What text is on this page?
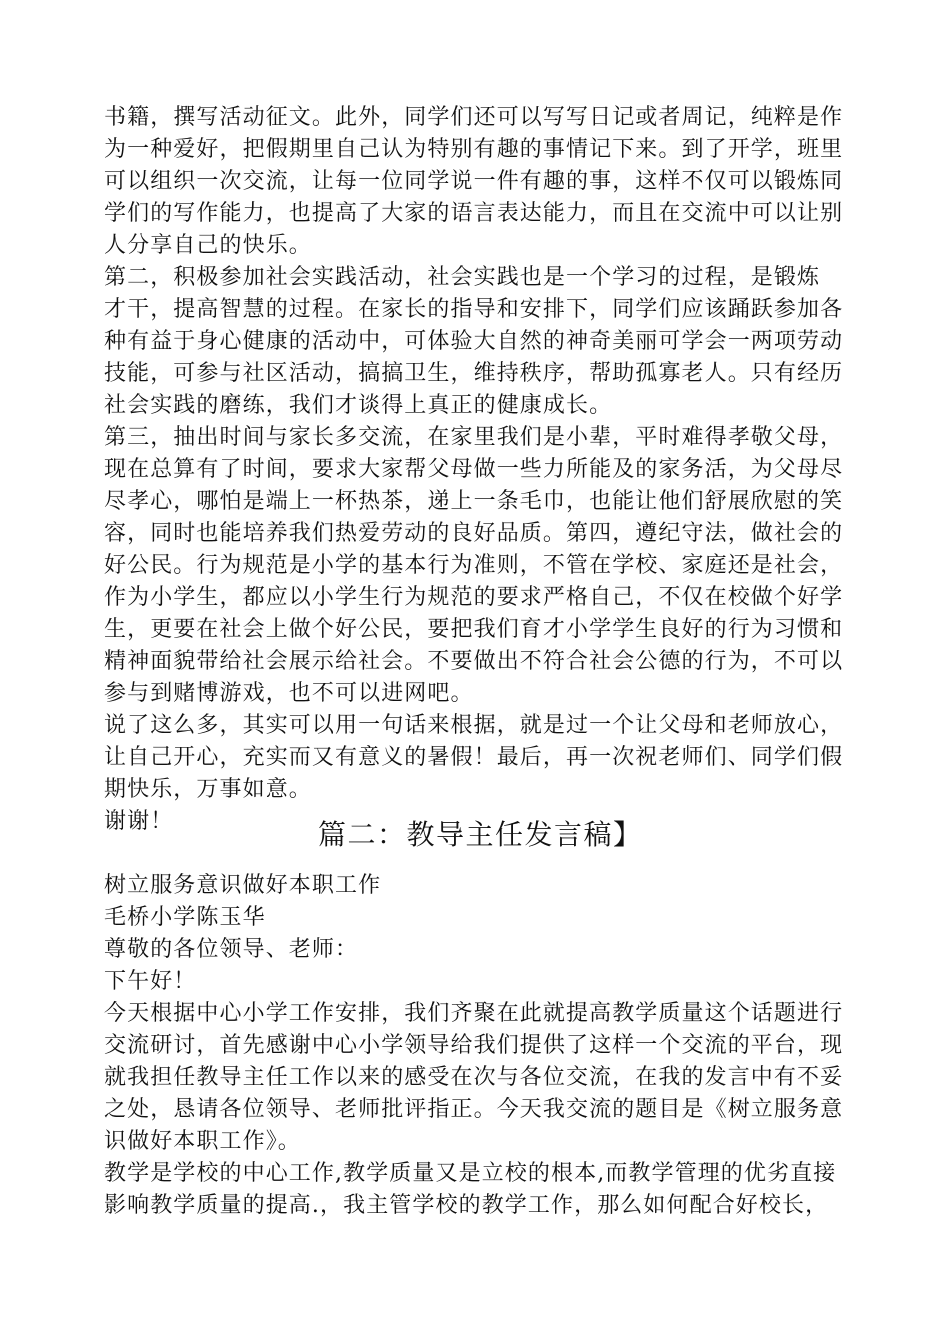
书籍，撰写活动征文。此外，同学们还可以写写日记或者周记，纯粹是作
为一种爱好，把假期里自己认为特别有趣的事情记下来。到了开学，班里
可以组织一次交流，让每一位同学说一件有趣的事，这样不仅可以锻炼同
学们的写作能力，也提高了大家的语言表达能力，而且在交流中可以让别
人分享自己的快乐。
第二，积极参加社会实践活动，社会实践也是一个学习的过程，是锻炼
才干，提高智慧的过程。在家长的指导和安排下，同学们应该踊跃参加各
种有益于身心健康的活动中，可体验大自然的神奇美丽可学会一两项劳动
技能，可参与社区活动，搞搞卫生，维持秩序，帮助孤寡老人。只有经历
社会实践的磨练，我们才谈得上真正的健康成长。
第三，抽出时间与家长多交流，在家里我们是小辈，平时难得孝敬父母，
现在总算有了时间，要求大家帮父母做一些力所能及的家务活，为父母尽
尽孝心，哪怕是端上一杯热茶，递上一条毛巾，也能让他们舒展欣慰的笑
容，同时也能培养我们热爱劳动的良好品质。第四，遵纪守法，做社会的
好公民。行为规范是小学的基本行为准则，不管在学校、家庭还是社会，
作为小学生，都应以小学生行为规范的要求严格自己，不仅在校做个好学
生，更要在社会上做个好公民，要把我们育才小学学生良好的行为习惯和
精神面貌带给社会展示给社会。不要做出不符合社会公德的行为，不可以
参与到赌博游戏，也不可以进网吧。
说了这么多，其实可以用一句话来根据，就是过一个让父母和老师放心，
让自己开心，充实而又有意义的暑假！最后，再一次祝老师们、同学们假
期快乐，万事如意。
谢谢！	篇二：教导主任发言稿】
树立服务意识做好本职工作
毛桥小学陈玉华
尊敬的各位领导、老师：
下午好！
今天根据中心小学工作安排，我们齐聚在此就提高教学质量这个话题进行
交流研讨，首先感谢中心小学领导给我们提供了这样一个交流的平台，现
就我担任教导主任工作以来的感受在次与各位交流，在我的发言中有不妥
之处，恳请各位领导、老师批评指正。今天我交流的题目是《树立服务意
识做好本职工作》。
教学是学校的中心工作,教学质量又是立校的根本,而教学管理的优劣直接
影响教学质量的提高.，我主管学校的教学工作，那么如何配合好校长，
